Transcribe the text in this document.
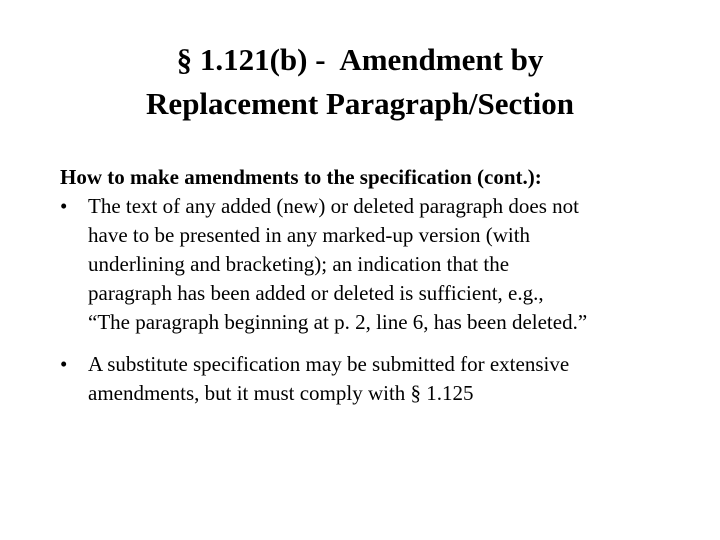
§ 1.121(b) -  Amendment by
Replacement Paragraph/Section
How to make amendments to the specification (cont.):
• The text of any added (new) or deleted paragraph does not
have to be presented in any marked-up version (with
underlining and bracketing); an indication that the
paragraph has been added or deleted is sufficient, e.g.,
“The paragraph beginning at p. 2, line 6, has been deleted.”
• A substitute specification may be submitted for extensive
amendments, but it must comply with § 1.125
